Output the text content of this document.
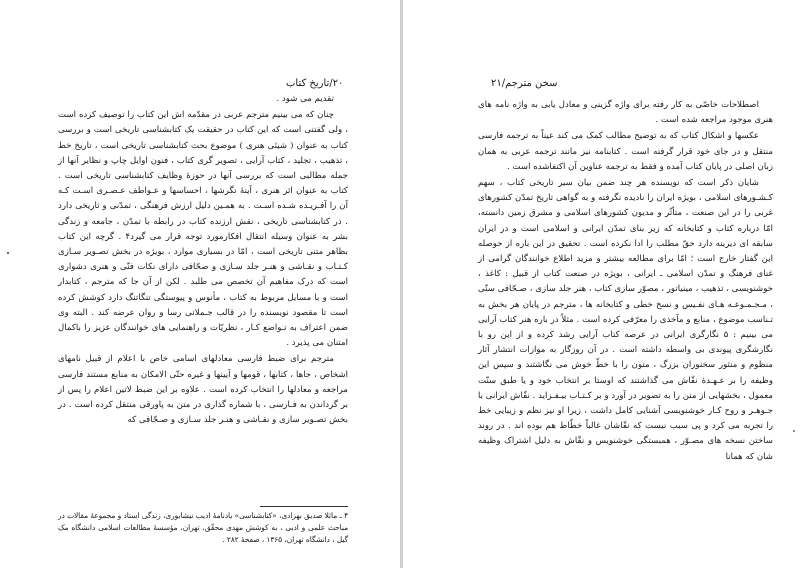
۲۰/تاریخ کتاب

تقدیم می شود .

چنان که می بینیم مترجم عربی در مقدّمه اش این کتاب را توصیف کرده است ، ولی گفتنی است که این کتاب در حقیقت یک کتابشناسی تاریخی است و بررسی کتاب به عنوان ( شیئی هنری ) موضوع بحث کتابشناسی تاریخی است ، تاریخ خط ، تذهیب ، تجلید ، کتاب آرایی ، تصویر گری کتاب ، فنون اوایل چاپ و نظایر آنها از جمله مطالبی است که بررسی آنها در حوزۀ وظایف کتابشناسی تاریخی است . کتاب به عنوان اثر هنری ، آینۀ نگرشها ، احساسها و عـواطف عـصـری اسـت کـه آن را آفـریـده شـده اسـت . به همـین دلیل ارزش فرهنگی ، تمدّنی و تاریخی دارد . در کتابشناسی تاریخی ، نقش ارزنده کتاب در رابطه با تمدّن ، جامعه و زندگی بشر به عنوان وسیله انتقال افکارمورد توجه قرار می گیرد۴ . گرچه این کتاب بظاهر متنی تاریخی است ، امّا در بسیاری موارد ، بویژه در بخش تصـویر سـازی کـتـاب و نقـاشی و هنـر جلد سـازی و صحّافی دارای نکات فنّی و هنری دشواری است که درک مفاهیم آن تخصص می طلبد . لکن از آن جا که مترجم ، کتابدار است و با مسایل مربوط به کتاب ، مأنوس و پیوستگی تنگاتنگ دارد کوشش کرده است تا مقصود نویسنده را در قالب جـملاتی رسا و روان عرضه کند . البته وی ضمن اعتراف به تـواضع کـار ، نظریّات و راهنمایی های خوانندگان عزیز را باکمال امتنان می پذیرد .

مترجم برای ضبط فارسی معادلهای اسامی خاص با اعلام از قبیل نامهای اشخاص ، جاها ، کتابها ، قومها و آیینها و غیره حتّی الامکان به منابع مستند فارسی مراجعه و معادلها را انتخاب کرده است . علاوه بر این ضبط لاتین اعلام را پس از بر گرداندن به فـارسی ، با شماره گذاری در متن به پاورقی منتقل کرده است . در بخش تصـویر سازی و نقـاشی و هنـر جلد سـازی و صـحّافی که

۴ ـ ماثلا صدیق بهزادی، «کتابشناسی» یادنامهٔ ادیب نیشابوری، زندگی استاد و مجموعهٔ مقالات در مباحث علمی و ادبی ، به کوشش مهدی محقّق، تهران، مؤسسهٔ مطالعات اسلامی دانشگاه مک گیل ، دانشگاه تهران، ۱۳۶۵ ، صفحهٔ ۲۸۲ .
سخن مترجم/۲۱

اصطلاحات خاصّی به کار رفته برای واژه گزینی و معادل یابی به واژه نامه های هنری موجود مراجعه شده است .

عکسها و اشکال کتاب که به توضیح مطالب کمک می کند عیناً به ترجمه فارسی منتقل و در جای خود قرار گرفته است . کتابنامه نیز مانند ترجمه عربی به همان زبان اصلی در پایان کتاب آمده و فقط به ترجمه عناوین آن اکتفاشده است .

شایان ذکر است که نویسنده هر چند ضمن بیان سیر تاریخی کتاب ، سهم کـشـورهای اسلامی ، بویژه ایران را نادیده نگرفته و به گواهی تاریخ تمدّن کشورهای غربی را در این صنعت ، متأثّر و مدیون کشورهای اسلامی و مشرق زمین دانسته، امّا درباره کتاب و کتابخانه که زیر بنای تمدّن ایرانی و اسلامی است و در ایران سابقه ای دیرینه دارد حقّ مطلب را ادا نکرده است . تحقیق در این باره از حوصله این گفتار خارج است ؛ امّا برای مطالعه بیشتر و مزید اطلاع خوانندگان گرامی از غنای فرهنگ و تمدّن اسلامی ـ ایرانی ، بویژه در صنعت کتاب از قبیل : کاغذ ، خوشنویسی ، تذهیب ، مینیاتور ، مصوّر سازی کتاب ، هنر جلد سازی ، صـحّافی ستّی ، مـجـمـوعـه هـای نفـیس و نسخ خطی و کتابخانه ها ، مترجم در پایان هر بخش به تـناسب موضوع ، منابع و مآخذی را معرّفی کرده است . مثلاً در باره هنر کتاب آرایی می بینیم : ۵ نگارگری ایرانی در عرصه کتاب آرایی رشد کرده و از این رو با نگارشگری پیوندی بی واسطه داشته است . در آن روزگار به موازات انتشار آثار منظوم و منثور سخنوران بزرگ ، متون را با خطّ خوش می نگاشتند و سپس این وظیفه را بر عـهـدۀ نقّاش می گذاشتند که اوستا بر انتخاب خود و یا طبق سنّت معمول ، بخشهایی از متن را به تصویر در آورد و بر کـتـاب بیـفـزاید . نقّاش ایرانی با جـوهـر و روح کـار خوشنویسی آشنایی کامل داشت ، زیرا او نیز نظم و زیبایی خط را تجربه می کرد و پی سبب نیست که نقّاشان غالباً خطّاط هم بوده اند . در روند ساختن نسخه های مصـوّر ، همبستگی خوشنویس و نقّاش به دلیل اشتراک وظیفه شان که همانا
